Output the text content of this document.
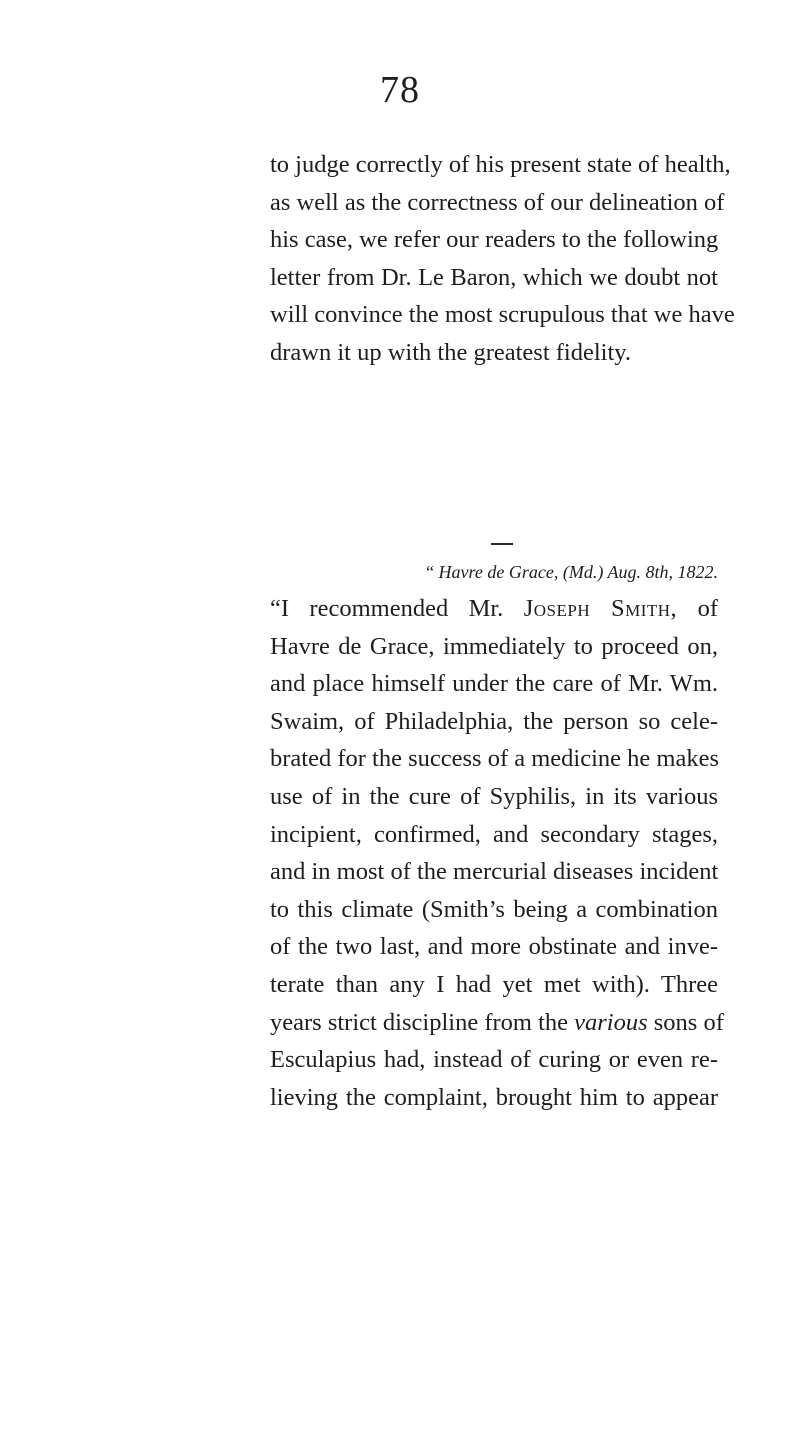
78
to judge correctly of his present state of health,
as well as the correctness of our delineation of
his case, we refer our readers to the following
letter from Dr. Le Baron, which we doubt not
will convince the most scrupulous that we have
drawn it up with the greatest fidelity.
“ Havre de Grace, (Md.) Aug. 8th, 1822.
“I recommended Mr. Joseph Smith, of
Havre de Grace, immediately to proceed on,
and place himself under the care of Mr. Wm.
Swaim, of Philadelphia, the person so cele-
brated for the success of a medicine he makes
use of in the cure of Syphilis, in its various
incipient, confirmed, and secondary stages,
and in most of the mercurial diseases incident
to this climate (Smith’s being a combination
of the two last, and more obstinate and inve-
terate than any I had yet met with). Three
years strict discipline from the various sons of
Esculapius had, instead of curing or even re-
lieving the complaint, brought him to appear
